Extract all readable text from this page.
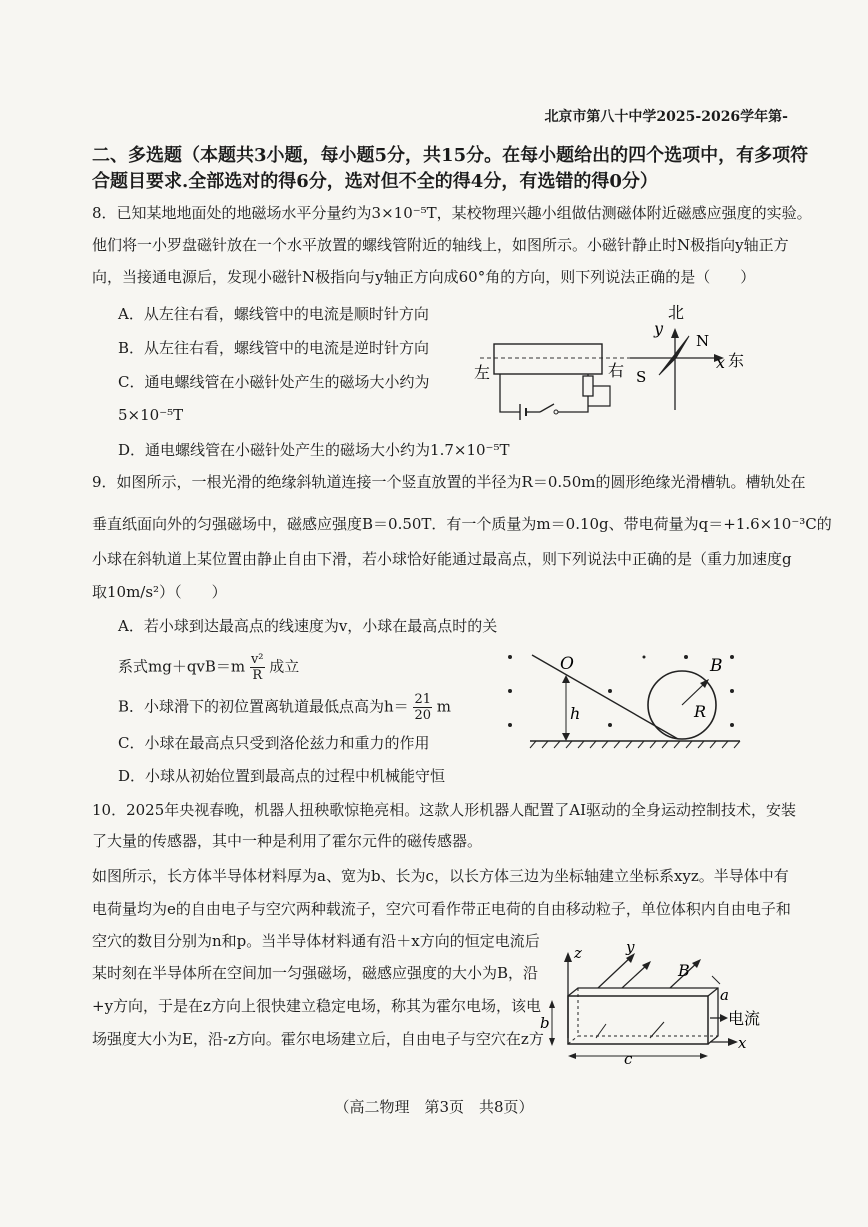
北京市第八十中学2025-2026学年第-
二、多选题（本题共3小题，每小题5分，共15分。在每小题给出的四个选项中，有多项符
合题目要求.全部选对的得6分，选对但不全的得4分，有选错的得0分）
8．已知某地地面处的地磁场水平分量约为3×10⁻⁵T，某校物理兴趣小组做估测磁体附近磁感应强度的实验。
他们将一小罗盘磁针放在一个水平放置的螺线管附近的轴线上，如图所示。小磁针静止时N极指向y轴正方
向，当接通电源后，发现小磁针N极指向与y轴正方向成60°角的方向，则下列说法正确的是（　　）
A．从左往右看，螺线管中的电流是顺时针方向
B．从左往右看，螺线管中的电流是逆时针方向
C．通电螺线管在小磁针处产生的磁场大小约为
5×10⁻⁵T
D．通电螺线管在小磁针处产生的磁场大小约为1.7×10⁻⁵T
北
y
N
S
x 东
左	右
9．如图所示，一根光滑的绝缘斜轨道连接一个竖直放置的半径为R＝0.50m的圆形绝缘光滑槽轨。槽轨处在
垂直纸面向外的匀强磁场中，磁感应强度B＝0.50T．有一个质量为m＝0.10g、带电荷量为q＝+1.6×10⁻³C的
小球在斜轨道上某位置由静止自由下滑，若小球恰好能通过最高点，则下列说法中正确的是（重力加速度g
取10m/s²）（　　）
A．若小球到达最高点的线速度为v，小球在最高点时的关
系式$mg+qvB=m \frac{\text{v²}}{R}$ 成立
B．小球滑下的初位置离轨道最低点高为$h= \frac{21}{20}$ m
C．小球在最高点只受到洛伦兹力和重力的作用
D．小球从初始位置到最高点的过程中机械能守恒
O	B
h	R
10．2025年央视春晚，机器人扭秧歌惊艳亮相。这款人形机器人配置了AI驱动的全身运动控制技术，安装
了大量的传感器，其中一种是利用了霍尔元件的磁传感器。
如图所示，长方体半导体材料厚为a、宽为b、长为c，以长方体三边为坐标轴建立坐标系xyz。半导体中有
电荷量均为e的自由电子与空穴两种载流子，空穴可看作带正电荷的自由移动粒子，单位体积内自由电子和
空穴的数目分别为n和p。当半导体材料通有沿＋x方向的恒定电流后
某时刻在半导体所在空间加一匀强磁场，磁感应强度的大小为B，沿
+y方向，于是在z方向上很快建立稳定电场，称其为霍尔电场，该电
场强度大小为E，沿-z方向。霍尔电场建立后，自由电子与空穴在z方
z	y
B
a
b
c
电流
x
（高二物理　第3页　共8页）
